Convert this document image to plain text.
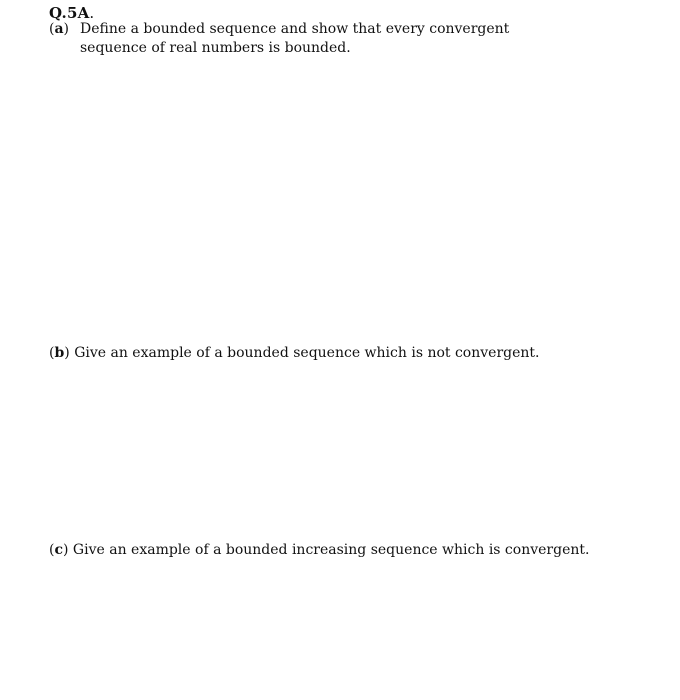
Q.5A.
(a) Define a bounded sequence and show that every convergent sequence of real numbers is bounded.
(b) Give an example of a bounded sequence which is not convergent.
(c) Give an example of a bounded increasing sequence which is convergent.
